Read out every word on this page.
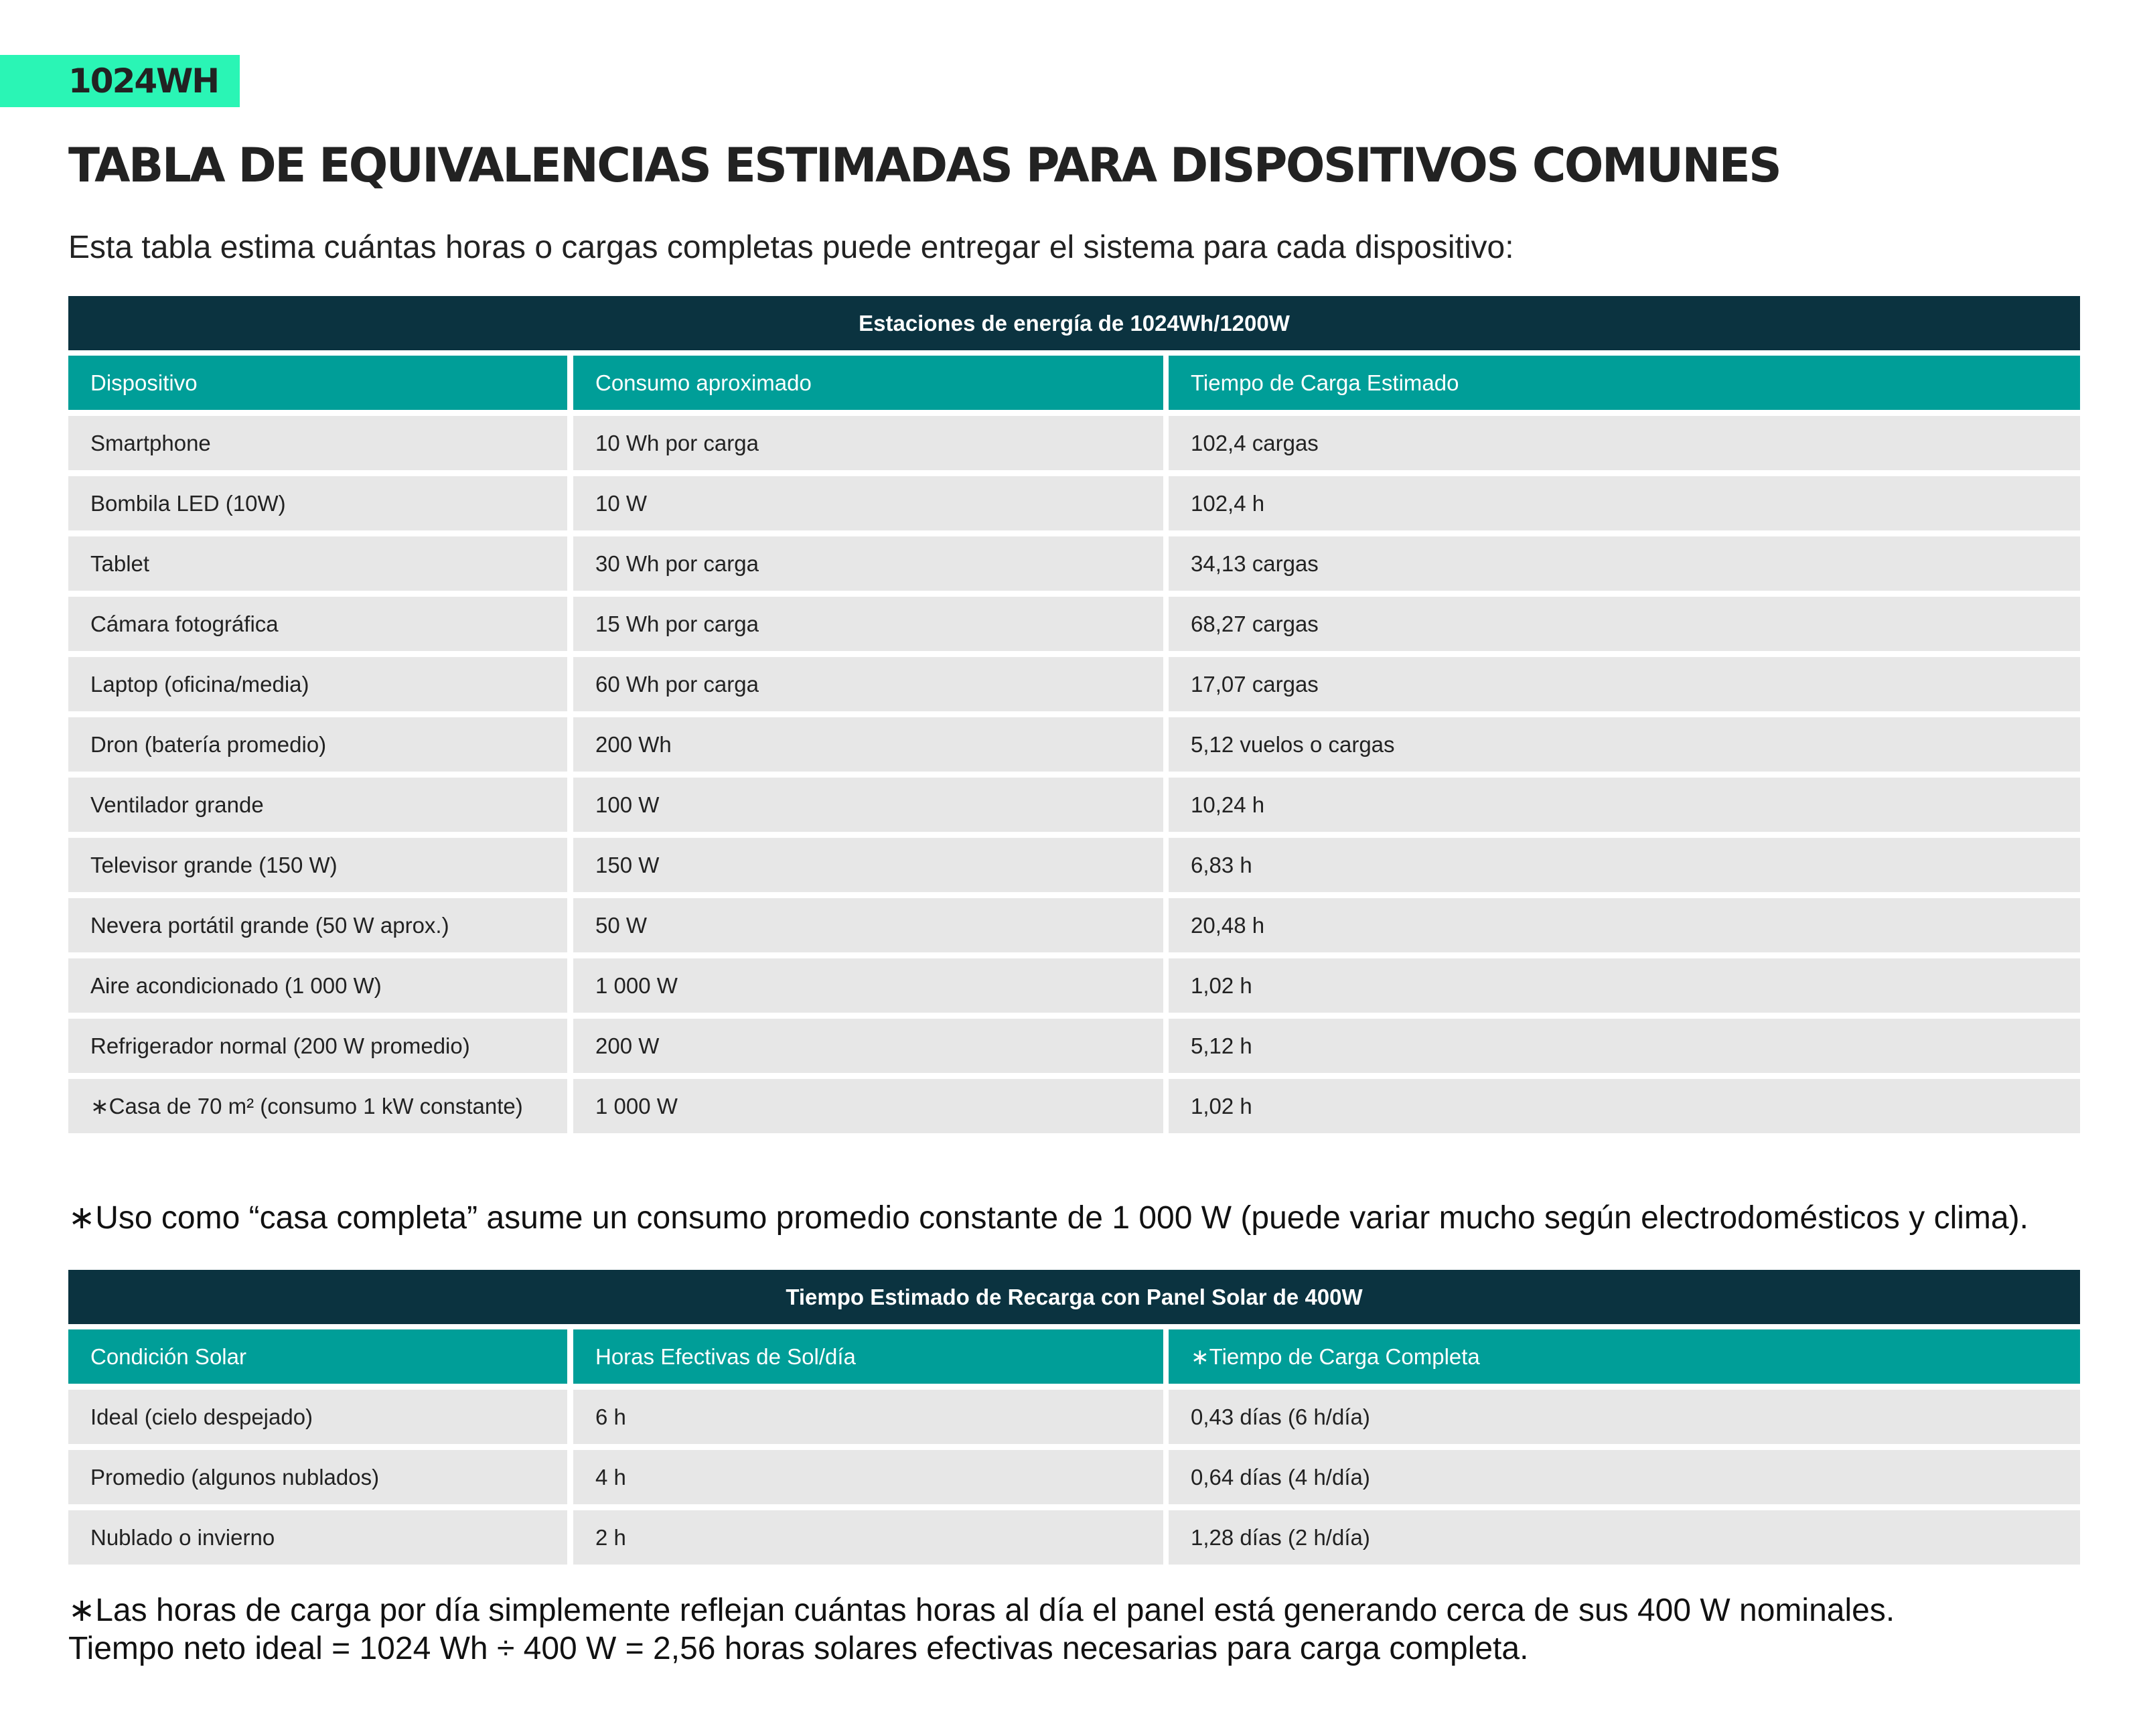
1024WH
TABLA DE EQUIVALENCIAS ESTIMADAS PARA DISPOSITIVOS COMUNES

Esta tabla estima cuántas horas o cargas completas puede entregar el sistema para cada dispositivo:

Estaciones de energía de 1024Wh/1200W
Dispositivo	Consumo aproximado	Tiempo de Carga Estimado
Smartphone	10 Wh por carga	102,4 cargas
Bombila LED (10W)	10 W	102,4 h
Tablet	30 Wh por carga	34,13 cargas
Cámara fotográfica	15 Wh por carga	68,27 cargas
Laptop (oficina/media)	60 Wh por carga	17,07 cargas
Dron (batería promedio)	200 Wh	5,12 vuelos o cargas
Ventilador grande	100 W	10,24 h
Televisor grande (150 W)	150 W	6,83 h
Nevera portátil grande (50 W aprox.)	50 W	20,48 h
Aire acondicionado (1 000 W)	1 000 W	1,02 h
Refrigerador normal (200 W promedio)	200 W	5,12 h
∗Casa de 70 m² (consumo 1 kW constante)	1 000 W	1,02 h

∗Uso como “casa completa” asume un consumo promedio constante de 1 000 W (puede variar mucho según electrodomésticos y clima).

Tiempo Estimado de Recarga con Panel Solar de 400W
Condición Solar	Horas Efectivas de Sol/día	∗Tiempo de Carga Completa
Ideal (cielo despejado)	6 h	0,43 días (6 h/día)
Promedio (algunos nublados)	4 h	0,64 días (4 h/día)
Nublado o invierno	2 h	1,28 días (2 h/día)
∗Las horas de carga por día simplemente reflejan cuántas horas al día el panel está generando cerca de sus 400 W nominales.
Tiempo neto ideal = 1024 Wh ÷ 400 W = 2,56 horas solares efectivas necesarias para carga completa.
